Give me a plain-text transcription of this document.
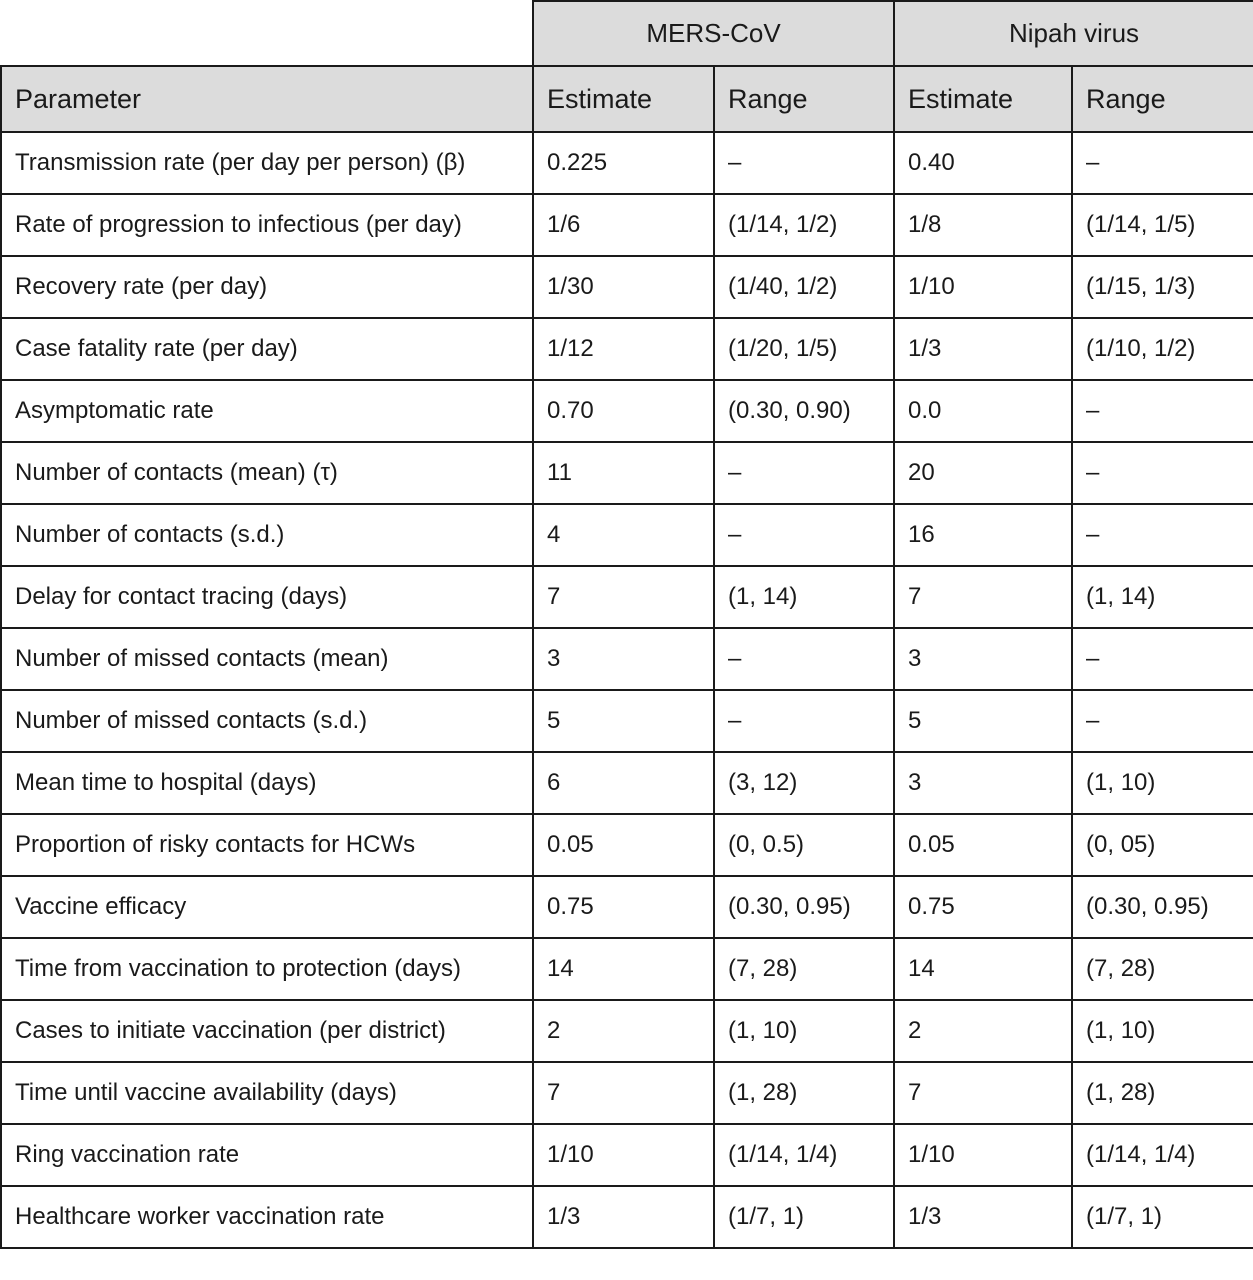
	MERS-CoV		Nipah virus	
Parameter	Estimate	Range	Estimate	Range
Transmission rate (per day per person) (β)	0.225	–	0.40	–
Rate of progression to infectious (per day)	1/6	(1/14, 1/2)	1/8	(1/14, 1/5)
Recovery rate (per day)	1/30	(1/40, 1/2)	1/10	(1/15, 1/3)
Case fatality rate (per day)	1/12	(1/20, 1/5)	1/3	(1/10, 1/2)
Asymptomatic rate	0.70	(0.30, 0.90)	0.0	–
Number of contacts (mean) (τ)	11	–	20	–
Number of contacts (s.d.)	4	–	16	–
Delay for contact tracing (days)	7	(1, 14)	7	(1, 14)
Number of missed contacts (mean)	3	–	3	–
Number of missed contacts (s.d.)	5	–	5	–
Mean time to hospital (days)	6	(3, 12)	3	(1, 10)
Proportion of risky contacts for HCWs	0.05	(0, 0.5)	0.05	(0, 05)
Vaccine efficacy	0.75	(0.30, 0.95)	0.75	(0.30, 0.95)
Time from vaccination to protection (days)	14	(7, 28)	14	(7, 28)
Cases to initiate vaccination (per district)	2	(1, 10)	2	(1, 10)
Time until vaccine availability (days)	7	(1, 28)	7	(1, 28)
Ring vaccination rate	1/10	(1/14, 1/4)	1/10	(1/14, 1/4)
Healthcare worker vaccination rate	1/3	(1/7, 1)	1/3	(1/7, 1)
